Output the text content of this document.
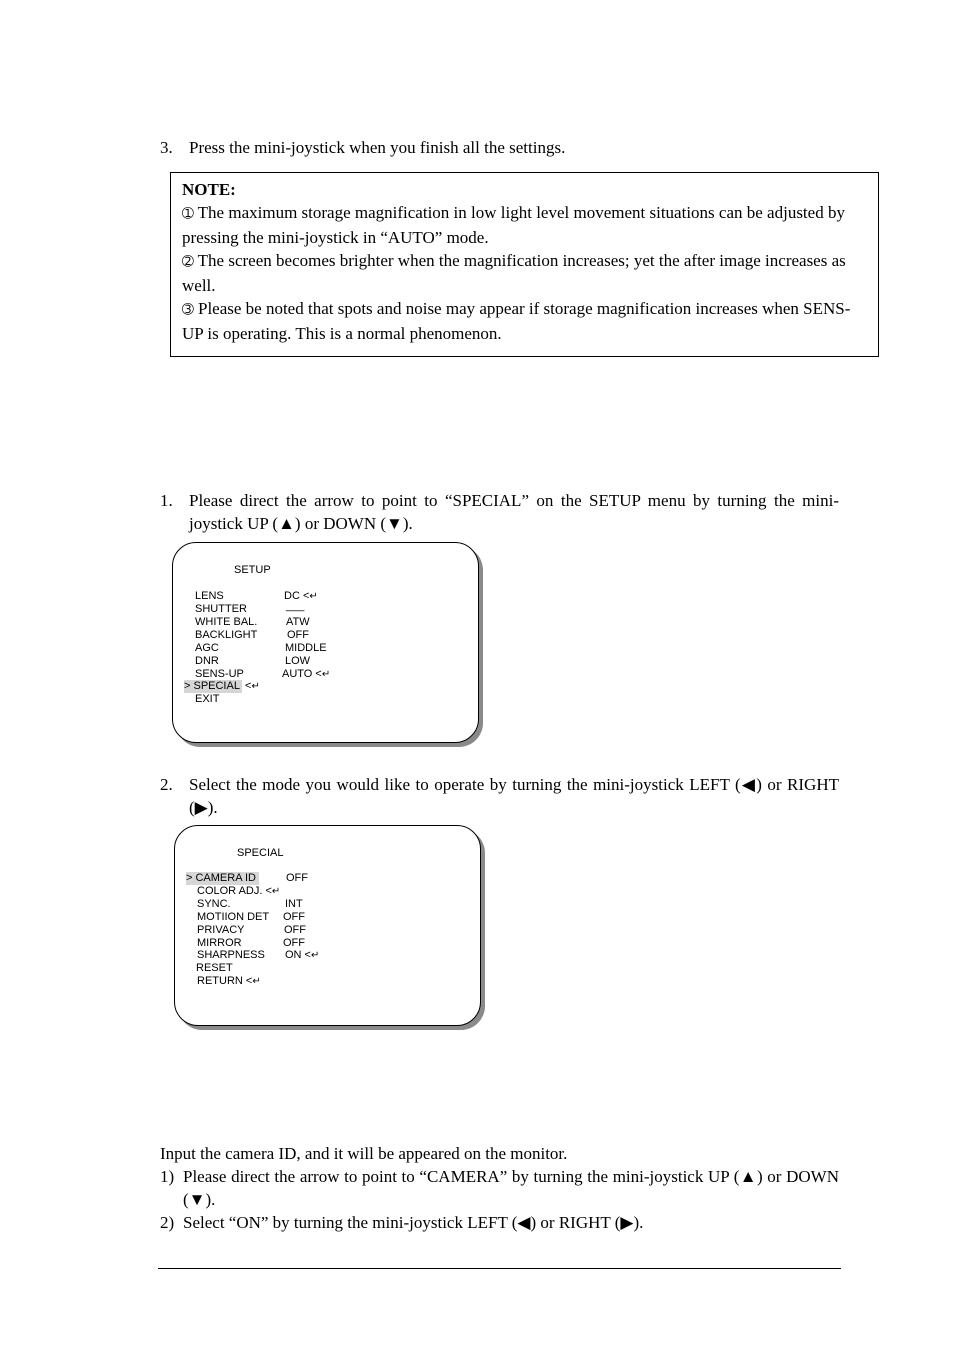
3. Press the mini-joystick when you finish all the settings.
NOTE:
➀ The maximum storage magnification in low light level movement situations can be adjusted by pressing the mini-joystick in “AUTO” mode.
➁ The screen becomes brighter when the magnification increases; yet the after image increases as well.
➂ Please be noted that spots and noise may appear if storage magnification increases when SENS-UP is operating. This is a normal phenomenon.
1. Please direct the arrow to point to “SPECIAL” on the SETUP menu by turning the mini-joystick UP (▲) or DOWN (▼).
SETUP
LENS	DC <↵
SHUTTER	___
WHITE BAL.	ATW
BACKLIGHT	OFF
AGC	MIDDLE
DNR	LOW
SENS-UP	AUTO <↵
> SPECIAL <↵
EXIT
2. Select the mode you would like to operate by turning the mini-joystick LEFT (◀) or RIGHT (▶).
SPECIAL
> CAMERA ID	OFF
COLOR ADJ. <↵
SYNC.	INT
MOTIION DET OFF
PRIVACY	OFF
MIRROR	OFF
SHARPNESS ON <↵
RESET
RETURN <↵
Input the camera ID, and it will be appeared on the monitor.
1) Please direct the arrow to point to “CAMERA” by turning the mini-joystick UP (▲) or DOWN (▼).
2) Select “ON” by turning the mini-joystick LEFT (◀) or RIGHT (▶).
